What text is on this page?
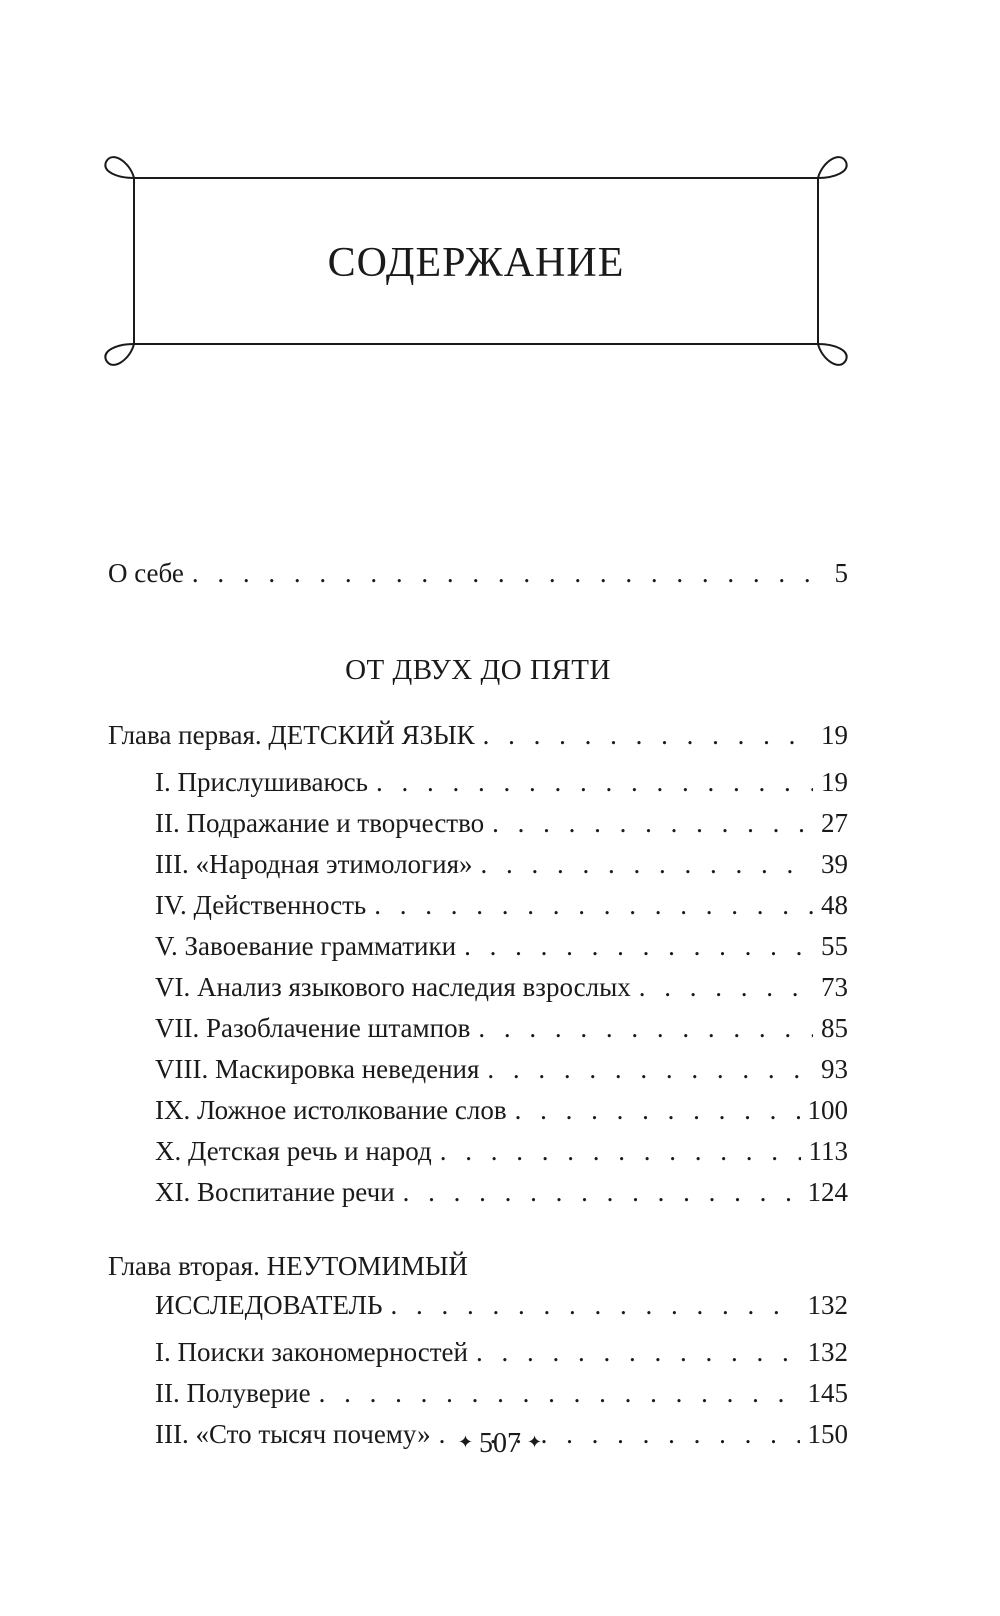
СОДЕРЖАНИЕ
О себе . . .	5
ОТ ДВУХ ДО ПЯТИ
Глава первая. ДЕТСКИЙ ЯЗЫК . . .	19
I. Прислушиваюсь . . .	19
II. Подражание и творчество . . .	27
III. «Народная этимология» . . .	39
IV. Действенность . . .	48
V. Завоевание грамматики . . .	55
VI. Анализ языкового наследия взрослых . . .	73
VII. Разоблачение штампов . . .	85
VIII. Маскировка неведения . . .	93
IX. Ложное истолкование слов . . .	100
X. Детская речь и народ . . .	113
XI. Воспитание речи . . .	124
Глава вторая. НЕУТОМИМЫЙ
ИССЛЕДОВАТЕЛЬ . . .	132
I. Поиски закономерностей . . .	132
II. Полуверие . . .	145
III. «Сто тысяч почему» . . .	150
✦ 507 ✦
